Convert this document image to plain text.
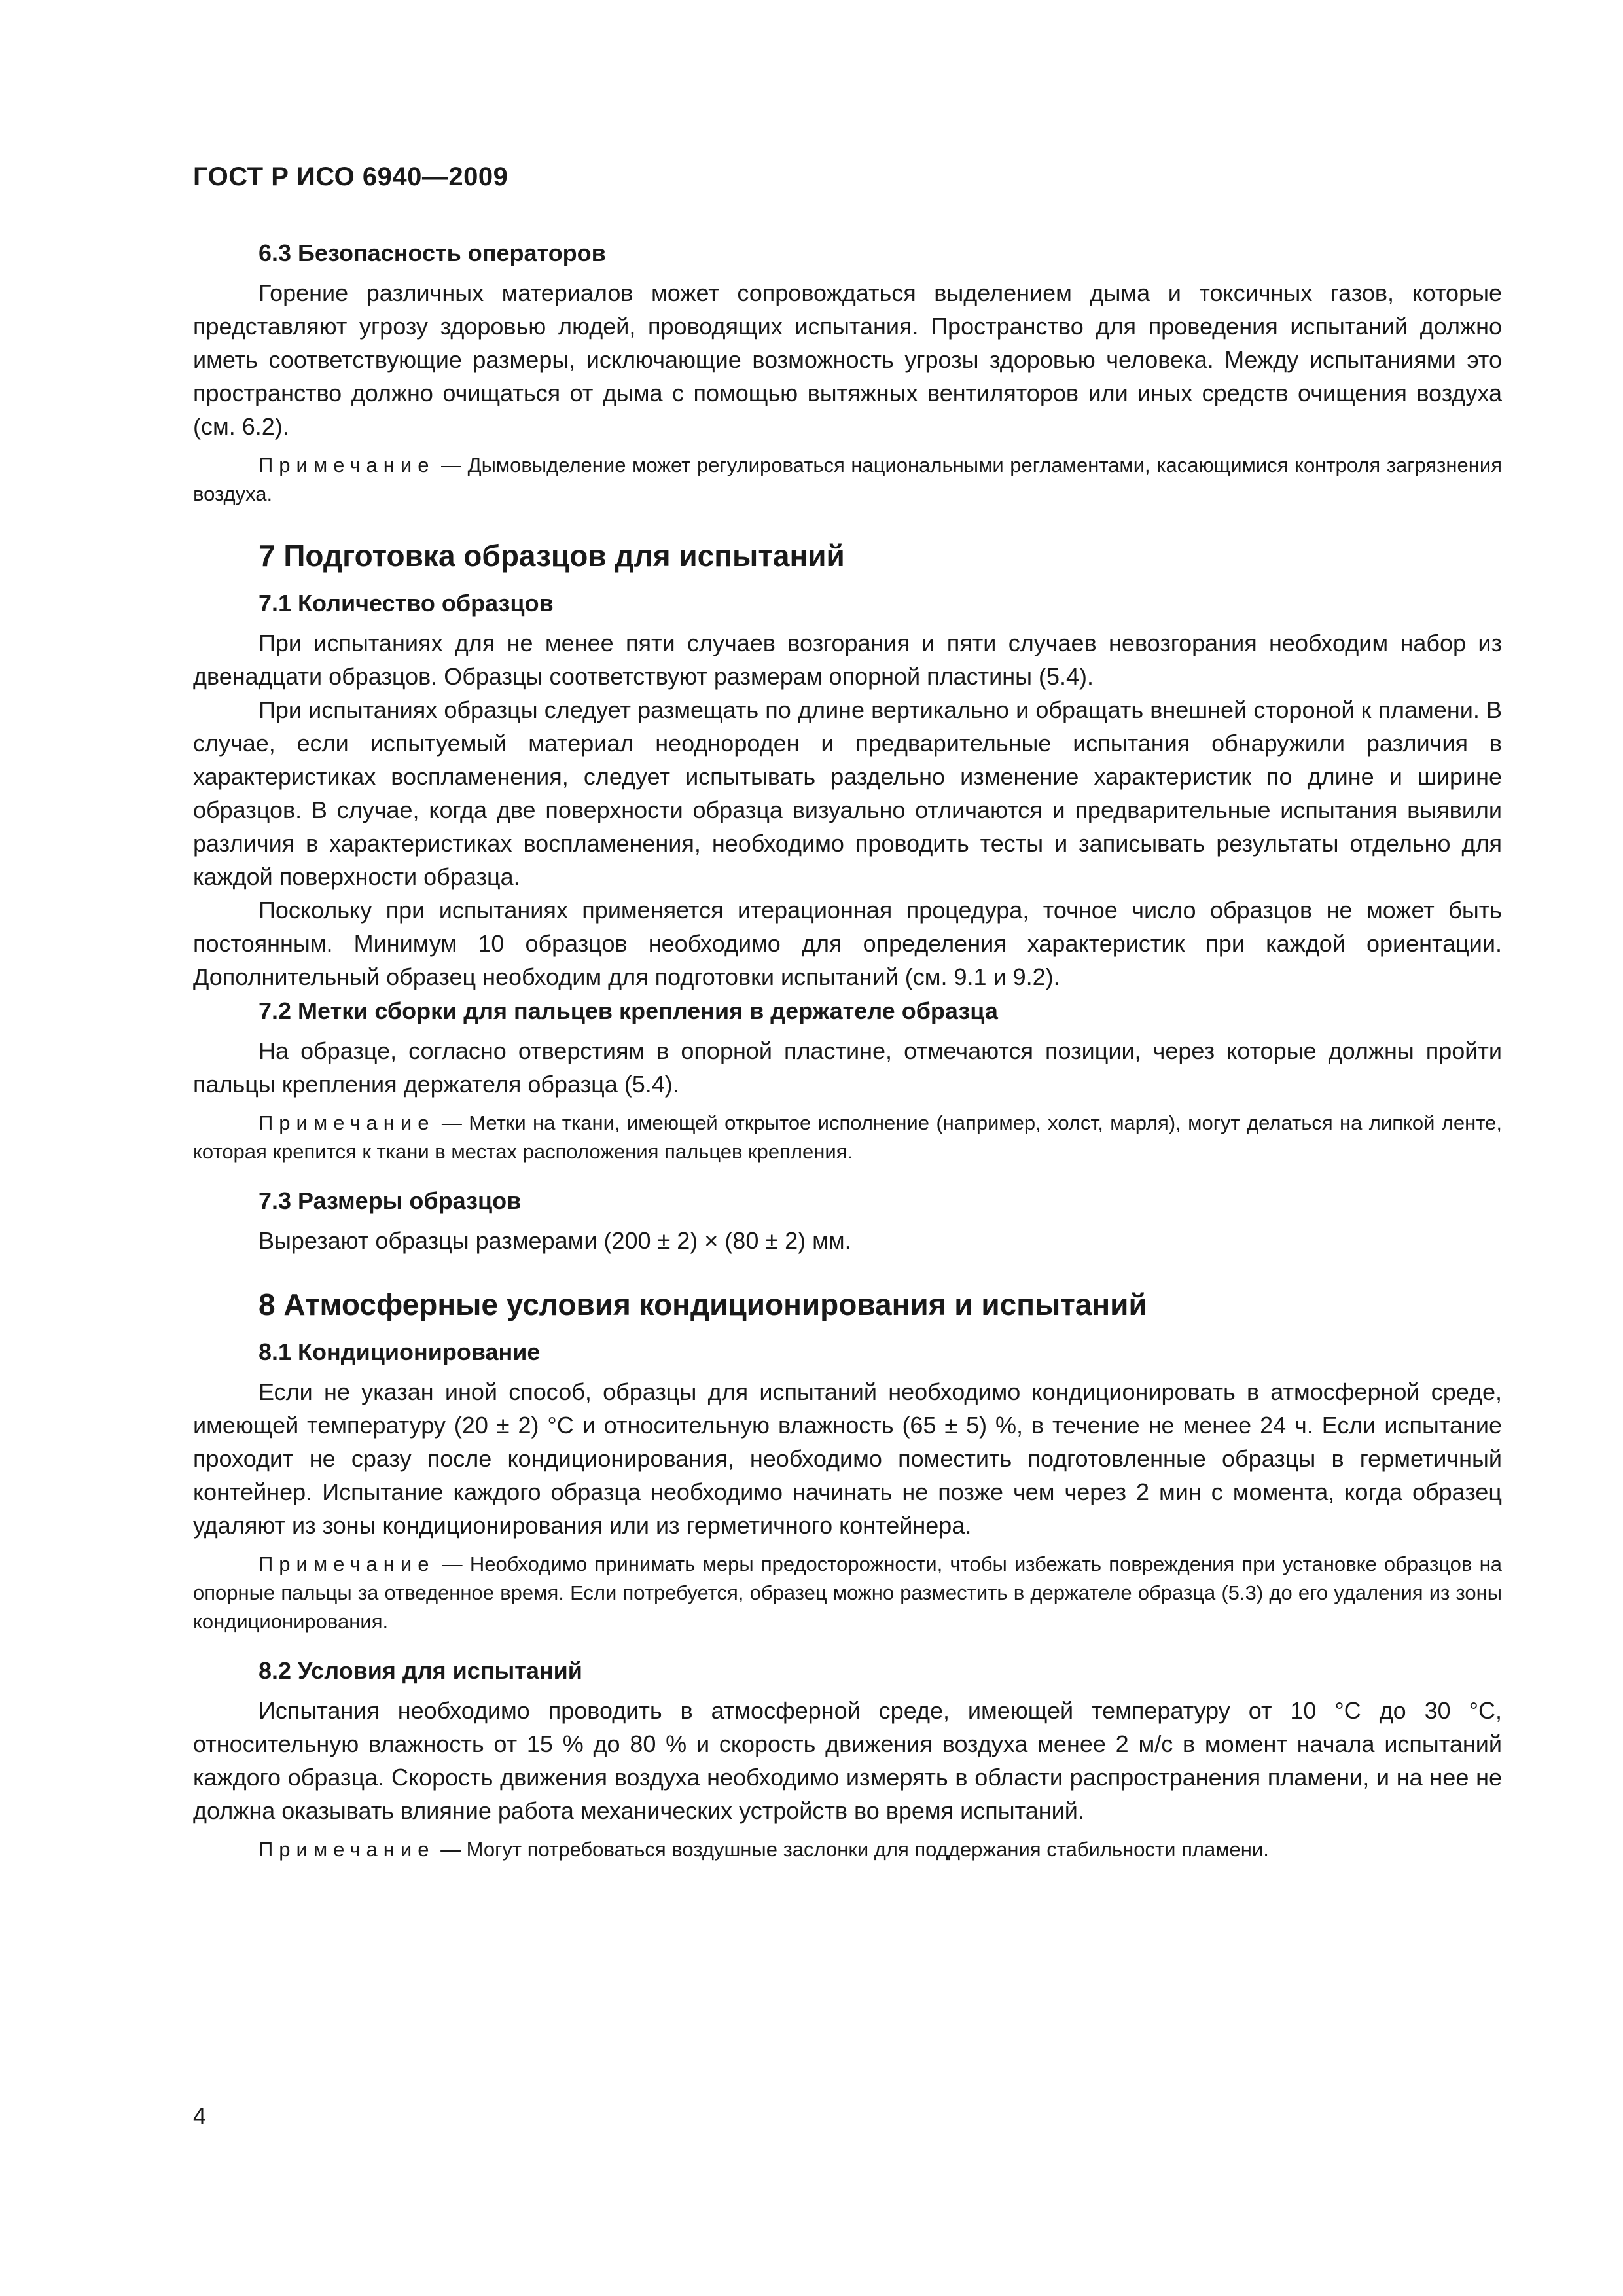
ГОСТ Р ИСО 6940—2009
6.3 Безопасность операторов

Горение различных материалов может сопровождаться выделением дыма и токсичных газов, которые представляют угрозу здоровью людей, проводящих испытания. Пространство для проведения испытаний должно иметь соответствующие размеры, исключающие возможность угрозы здоровью человека. Между испытаниями это пространство должно очищаться от дыма с помощью вытяжных вентиляторов или иных средств очищения воздуха (см. 6.2).

Примечание — Дымовыделение может регулироваться национальными регламентами, касающимися контроля загрязнения воздуха.

7 Подготовка образцов для испытаний
7.1 Количество образцов

При испытаниях для не менее пяти случаев возгорания и пяти случаев невозгорания необходим набор из двенадцати образцов. Образцы соответствуют размерам опорной пластины (5.4).

При испытаниях образцы следует размещать по длине вертикально и обращать внешней стороной к пламени. В случае, если испытуемый материал неоднороден и предварительные испытания обнаружили различия в характеристиках воспламенения, следует испытывать раздельно изменение характеристик по длине и ширине образцов. В случае, когда две поверхности образца визуально отличаются и предварительные испытания выявили различия в характеристиках воспламенения, необходимо проводить тесты и записывать результаты отдельно для каждой поверхности образца.

Поскольку при испытаниях применяется итерационная процедура, точное число образцов не может быть постоянным. Минимум 10 образцов необходимо для определения характеристик при каждой ориентации. Дополнительный образец необходим для подготовки испытаний (см. 9.1 и 9.2).

7.2 Метки сборки для пальцев крепления в держателе образца

На образце, согласно отверстиям в опорной пластине, отмечаются позиции, через которые должны пройти пальцы крепления держателя образца (5.4).

Примечание — Метки на ткани, имеющей открытое исполнение (например, холст, марля), могут делаться на липкой ленте, которая крепится к ткани в местах расположения пальцев крепления.

7.3 Размеры образцов

Вырезают образцы размерами (200 ± 2) × (80 ± 2) мм.

8 Атмосферные условия кондиционирования и испытаний
8.1 Кондиционирование

Если не указан иной способ, образцы для испытаний необходимо кондиционировать в атмосферной среде, имеющей температуру (20 ± 2) °С и относительную влажность (65 ± 5) %, в течение не менее 24 ч. Если испытание проходит не сразу после кондиционирования, необходимо поместить подготовленные образцы в герметичный контейнер. Испытание каждого образца необходимо начинать не позже чем через 2 мин с момента, когда образец удаляют из зоны кондиционирования или из герметичного контейнера.

Примечание — Необходимо принимать меры предосторожности, чтобы избежать повреждения при установке образцов на опорные пальцы за отведенное время. Если потребуется, образец можно разместить в держателе образца (5.3) до его удаления из зоны кондиционирования.

8.2 Условия для испытаний

Испытания необходимо проводить в атмосферной среде, имеющей температуру от 10 °С до 30 °С, относительную влажность от 15 % до 80 % и скорость движения воздуха менее 2 м/с в момент начала испытаний каждого образца. Скорость движения воздуха необходимо измерять в области распространения пламени, и на нее не должна оказывать влияние работа механических устройств во время испытаний.

Примечание — Могут потребоваться воздушные заслонки для поддержания стабильности пламени.

4
